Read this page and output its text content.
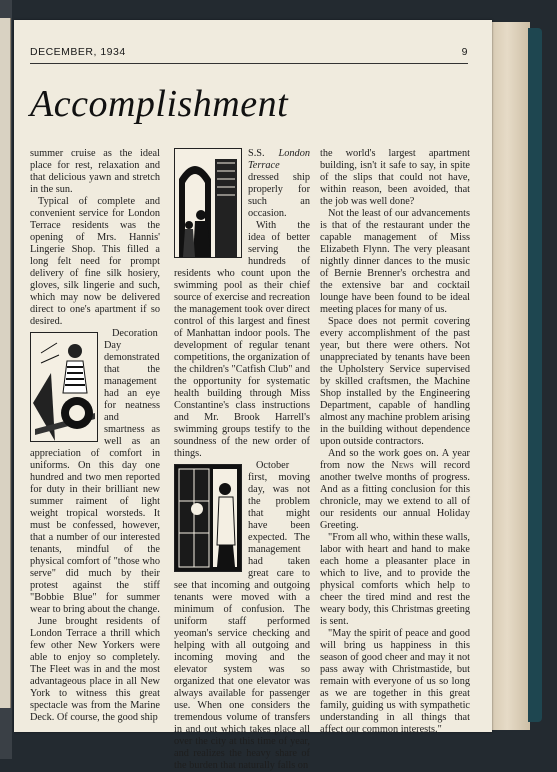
DECEMBER, 1934	9
Accomplishment

summer cruise as the ideal place for rest, relaxation and that delicious yawn and stretch in the sun.

Typical of complete and convenient service for London Terrace residents was the opening of Mrs. Hannis' Lingerie Shop. This filled a long felt need for prompt delivery of fine silk hosiery, gloves, silk lingerie and such, which may now be delivered direct to one's apartment if so desired.

Decoration Day demonstrated that the management had an eye for neatness and smartness as well as an appreciation of comfort in uniforms. On this day one hundred and two men reported for duty in their brilliant new summer raiment of light weight tropical worsteds. It must be confessed, however, that a number of our interested tenants, mindful of the physical comfort of "those who serve" did much by their protest against the stiff "Bobbie Blue" for summer wear to bring about the change.

June brought residents of London Terrace a thrill which few other New Yorkers were able to enjoy so completely. The Fleet was in and the most advantageous place in all New York to witness this great spectacle was from the Marine Deck. Of course, the good ship

S.S. London Terrace dressed ship properly for such an occasion.

With the idea of better serving the hundreds of residents who count upon the swimming pool as their chief source of exercise and recreation the management took over direct control of this largest and finest of Manhattan indoor pools. The development of regular tenant competitions, the organization of the children's "Catfish Club" and the opportunity for systematic health building through Miss Constantine's class instructions and Mr. Brook Harrell's swimming groups testify to the soundness of the new order of things.

October first, moving day, was not the problem that might have been expected. The management had taken great care to see that incoming and outgoing tenants were moved with a minimum of confusion. The uniform staff performed yeoman's service checking and helping with all outgoing and incoming moving and the elevator system was so organized that one elevator was always available for passenger use. When one considers the tremendous volume of transfers in and out which takes place all over the city at this time of year, and realizes the heavy share of the burden that naturally falls on

the world's largest apartment building, isn't it safe to say, in spite of the slips that could not have, within reason, been avoided, that the job was well done?

Not the least of our advancements is that of the restaurant under the capable management of Miss Elizabeth Flynn. The very pleasant nightly dinner dances to the music of Bernie Brenner's orchestra and the extensive bar and cocktail lounge have been found to be ideal meeting places for many of us.

Space does not permit covering every accomplishment of the past year, but there were others. Not unappreciated by tenants have been the Upholstery Service supervised by skilled craftsmen, the Machine Shop installed by the Engineering Department, capable of handling almost any machine problem arising in the building without dependence upon outside contractors.

And so the work goes on. A year from now the News will record another twelve months of progress. And as a fitting conclusion for this chronicle, may we extend to all of our residents our annual Holiday Greeting.

"From all who, within these walls, labor with heart and hand to make each home a pleasanter place in which to live, and to provide the physical comforts which help to cheer the tired mind and rest the weary body, this Christmas greeting is sent.

"May the spirit of peace and good will bring us happiness in this season of good cheer and may it not pass away with Christmastide, but remain with everyone of us so long as we are together in this great family, guiding us with sympathetic understanding in all things that affect our common interests."
